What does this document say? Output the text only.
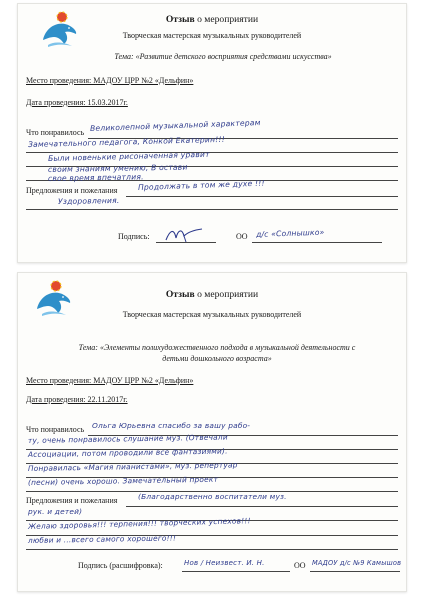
Отзыв о мероприятии
Творческая мастерская музыкальных руководителей
Тема: «Развитие детского восприятия средствами искусства»
Место проведения: МАДОУ ЦРР №2 «Дельфин»
Дата проведения: 15.03.2017г.
Что понравилось Великолепной музыкальной характерам
Замечательного педагога, Конкой Екатерин!!!
Были новенькие рисоначенная уравит
своим знаниям умению, В остави
свое время впечатлия.
Предложения и пожелания	Продолжать в том же духе !!!
Уздоровления.
Подпись:	ОО д/с «Солнышко»
Отзыв о мероприятии
Творческая мастерская музыкальных руководителей
Тема: «Элементы полихудожественного подхода в музыкальной деятельности с
детьми дошкольного возраста»
Место проведения: МАДОУ ЦРР №2 «Дельфин»
Дата проведения: 22.11.2017г.
Что понравилось Ольга Юрьевна спасибо за вашу рабо-
ту, очень понравилось слушание муз. (Отвечали
Ассоциации, потом проводили все фантазиями).
Понравилась «Магия пианистами», муз. репертуар
(песни) очень хорошо. Замечательный проект
Предложения и пожелания	(Благодарственно воспитатели муз.
рук. и детей)
Желаю здоровья!!! терпения!!! творческих успехов!!!
любви и ...всего самого хорошего!!!
Подпись (расшифровка):	Нов / Неизвест. И. Н.	ОО МАДОУ д/с №9 Камышов
